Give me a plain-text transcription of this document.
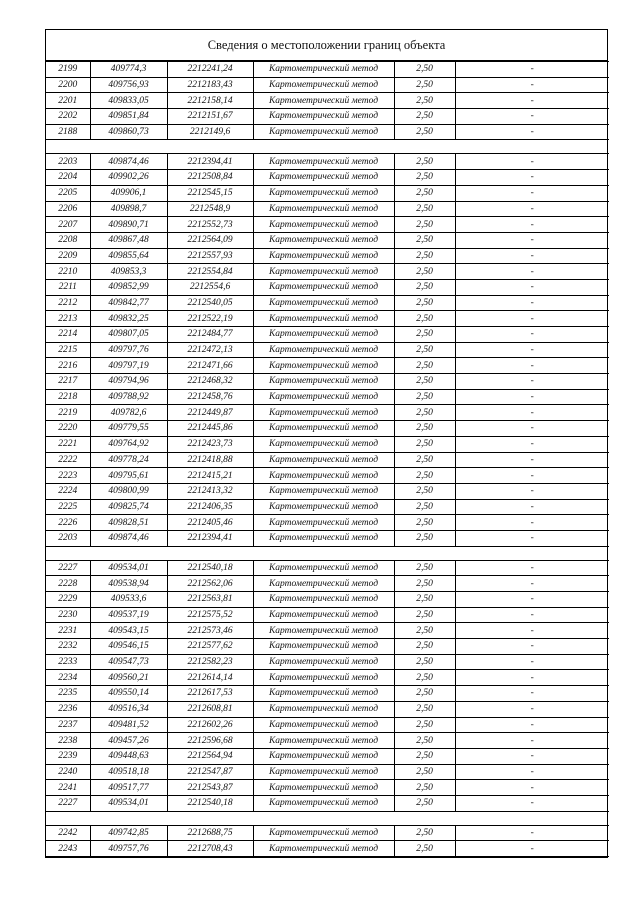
Сведения о местоположении границ объекта
2199	409774,3	2212241,24	Картометрический метод	2,50	-
2200	409756,93	2212183,43	Картометрический метод	2,50	-
2201	409833,05	2212158,14	Картометрический метод	2,50	-
2202	409851,84	2212151,67	Картометрический метод	2,50	-
2188	409860,73	2212149,6	Картометрический метод	2,50	-

2203	409874,46	2212394,41	Картометрический метод	2,50	-
2204	409902,26	2212508,84	Картометрический метод	2,50	-
2205	409906,1	2212545,15	Картометрический метод	2,50	-
2206	409898,7	2212548,9	Картометрический метод	2,50	-
2207	409890,71	2212552,73	Картометрический метод	2,50	-
2208	409867,48	2212564,09	Картометрический метод	2,50	-
2209	409855,64	2212557,93	Картометрический метод	2,50	-
2210	409853,3	2212554,84	Картометрический метод	2,50	-
2211	409852,99	2212554,6	Картометрический метод	2,50	-
2212	409842,77	2212540,05	Картометрический метод	2,50	-
2213	409832,25	2212522,19	Картометрический метод	2,50	-
2214	409807,05	2212484,77	Картометрический метод	2,50	-
2215	409797,76	2212472,13	Картометрический метод	2,50	-
2216	409797,19	2212471,66	Картометрический метод	2,50	-
2217	409794,96	2212468,32	Картометрический метод	2,50	-
2218	409788,92	2212458,76	Картометрический метод	2,50	-
2219	409782,6	2212449,87	Картометрический метод	2,50	-
2220	409779,55	2212445,86	Картометрический метод	2,50	-
2221	409764,92	2212423,73	Картометрический метод	2,50	-
2222	409778,24	2212418,88	Картометрический метод	2,50	-
2223	409795,61	2212415,21	Картометрический метод	2,50	-
2224	409800,99	2212413,32	Картометрический метод	2,50	-
2225	409825,74	2212406,35	Картометрический метод	2,50	-
2226	409828,51	2212405,46	Картометрический метод	2,50	-
2203	409874,46	2212394,41	Картометрический метод	2,50	-

2227	409534,01	2212540,18	Картометрический метод	2,50	-
2228	409538,94	2212562,06	Картометрический метод	2,50	-
2229	409533,6	2212563,81	Картометрический метод	2,50	-
2230	409537,19	2212575,52	Картометрический метод	2,50	-
2231	409543,15	2212573,46	Картометрический метод	2,50	-
2232	409546,15	2212577,62	Картометрический метод	2,50	-
2233	409547,73	2212582,23	Картометрический метод	2,50	-
2234	409560,21	2212614,14	Картометрический метод	2,50	-
2235	409550,14	2212617,53	Картометрический метод	2,50	-
2236	409516,34	2212608,81	Картометрический метод	2,50	-
2237	409481,52	2212602,26	Картометрический метод	2,50	-
2238	409457,26	2212596,68	Картометрический метод	2,50	-
2239	409448,63	2212564,94	Картометрический метод	2,50	-
2240	409518,18	2212547,87	Картометрический метод	2,50	-
2241	409517,77	2212543,87	Картометрический метод	2,50	-
2227	409534,01	2212540,18	Картометрический метод	2,50	-

2242	409742,85	2212688,75	Картометрический метод	2,50	-
2243	409757,76	2212708,43	Картометрический метод	2,50	-
